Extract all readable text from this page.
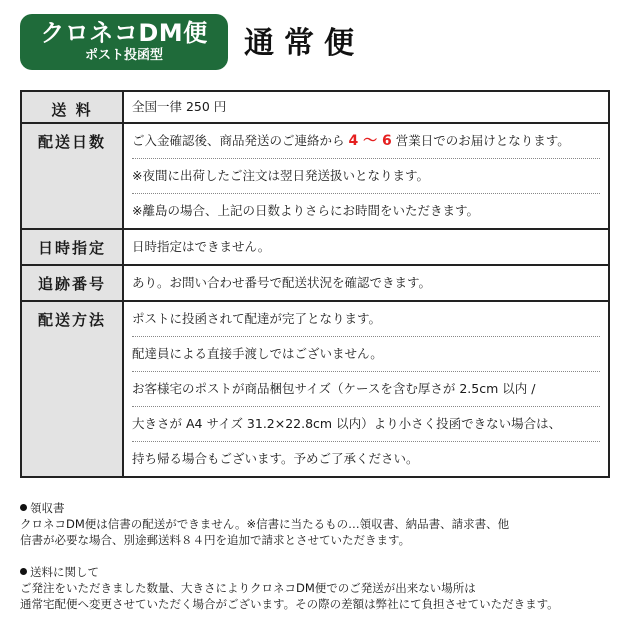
クロネコDM便
ポスト投函型	通常便
送 料	全国一律 250 円

配送日数	ご入金確認後、商品発送のご連絡から 4 ～ 6 営業日でのお届けとなります。
※夜間に出荷したご注文は翌日発送扱いとなります。
※離島の場合、上記の日数よりさらにお時間をいただきます。

日時指定	日時指定はできません。

追跡番号	あり。お問い合わせ番号で配送状況を確認できます。

配送方法	ポストに投函されて配達が完了となります。
配達員による直接手渡しではございません。
お客様宅のポストが商品梱包サイズ（ケースを含む厚さが 2.5cm 以内 /
大きさが A4 サイズ 31.2×22.8cm 以内）より小さく投函できない場合は、
持ち帰る場合もございます。予めご了承ください。
領収書
クロネコDM便は信書の配送ができません。※信書に当たるもの…領収書、納品書、請求書、他
信書が必要な場合、別途郵送料８４円を追加で請求とさせていただきます。
送料に関して
ご発注をいただきました数量、大きさによりクロネコDM便でのご発送が出来ない場所は
通常宅配便へ変更させていただく場合がございます。その際の差額は弊社にて負担させていただきます。
